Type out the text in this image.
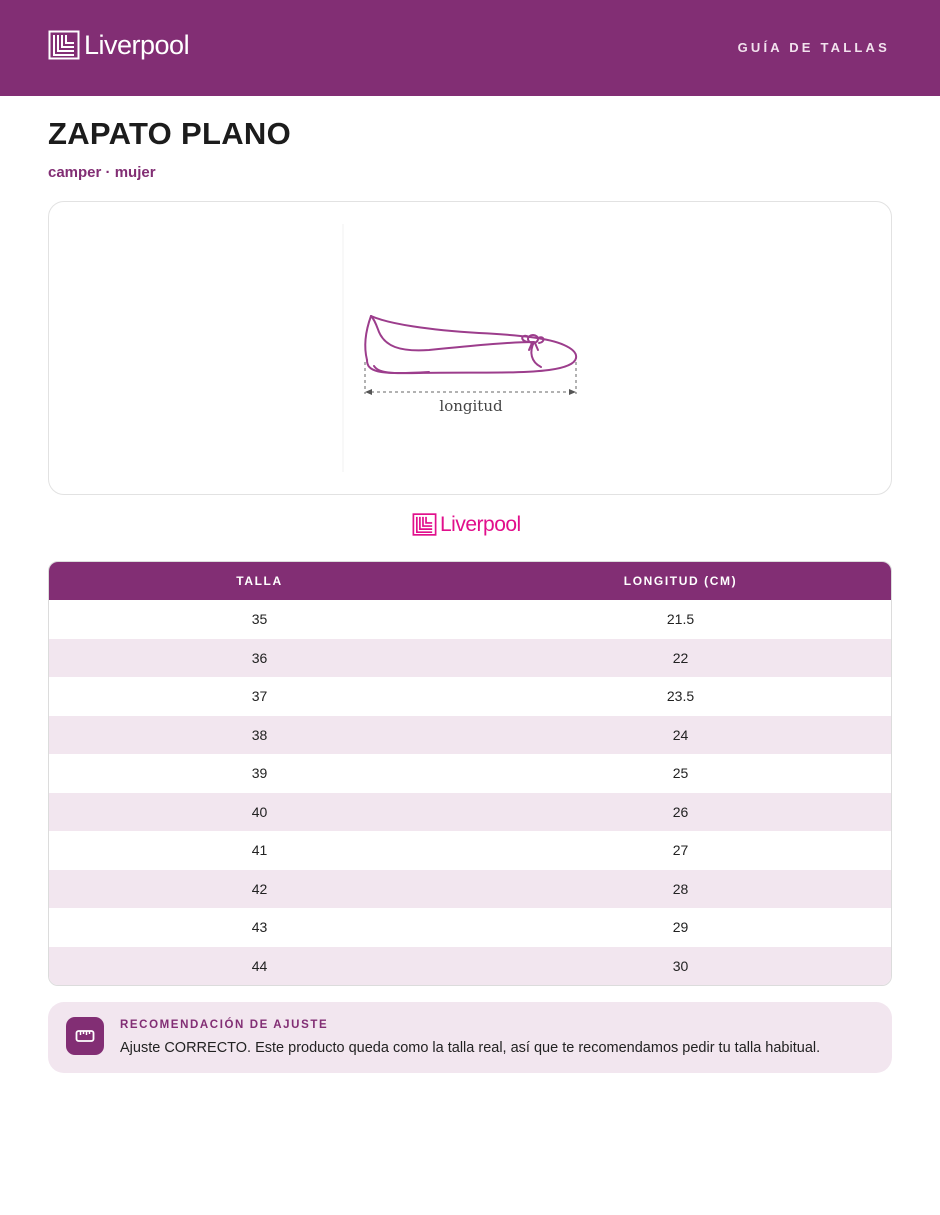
Liverpool	GUÍA DE TALLAS
ZAPATO PLANO
camper · mujer
longitud
Liverpool
TALLA	LONGITUD (CM)
35	21.5
36	22
37	23.5
38	24
39	25
40	26
41	27
42	28
43	29
44	30
RECOMENDACIÓN DE AJUSTE
Ajuste CORRECTO. Este producto queda como la talla real, así que te recomendamos pedir tu talla habitual.
